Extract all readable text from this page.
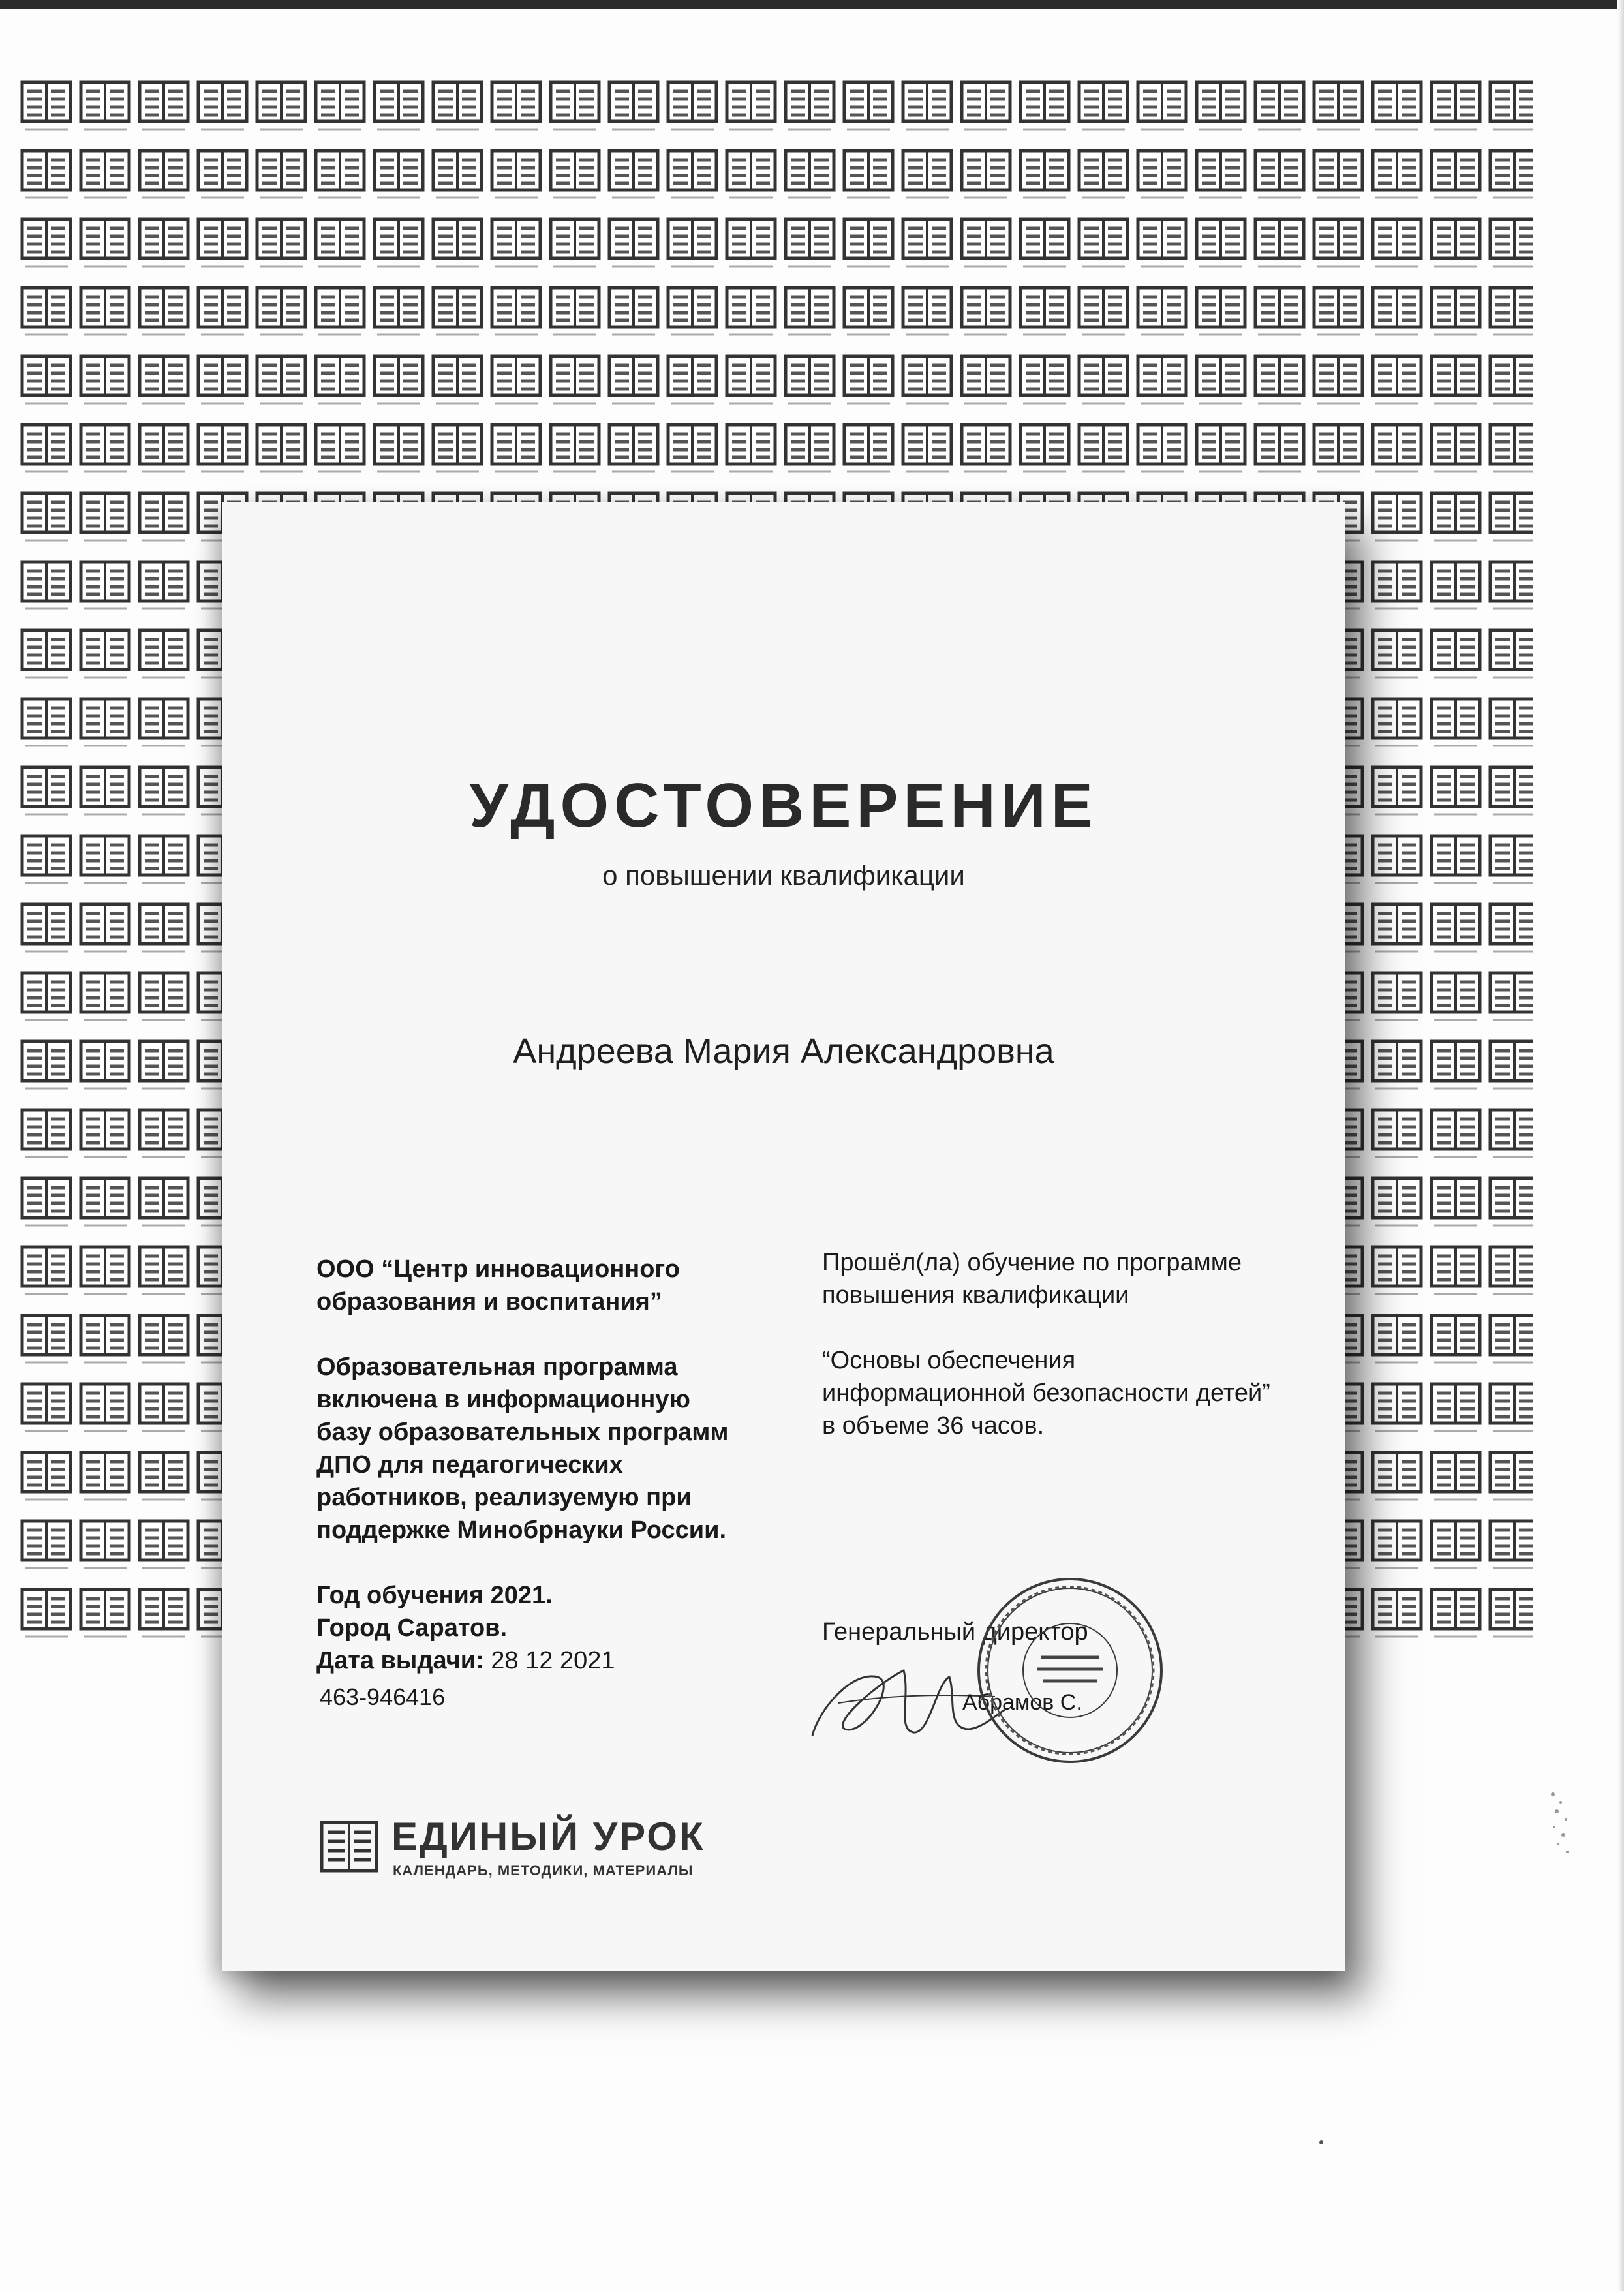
УДОСТОВЕРЕНИЕ
о повышении квалификации
Андреева Мария Александровна
ООО “Центр инновационного
образования и воспитания”
Образовательная программа
включена в информационную
базу образовательных программ
ДПО для педагогических
работников, реализуемую при
поддержке Минобрнауки России.
Год обучения 2021.
Город Саратов.
Дата выдачи: 28 12 2021
463-946416
Прошёл(ла) обучение по программе
повышения квалификации
“Основы обеспечения
информационной безопасности детей”
в объеме 36 часов.
Генеральный директор
Абрамов С.
ЕДИНЫЙ УРОК
КАЛЕНДАРЬ, МЕТОДИКИ, МАТЕРИАЛЫ
